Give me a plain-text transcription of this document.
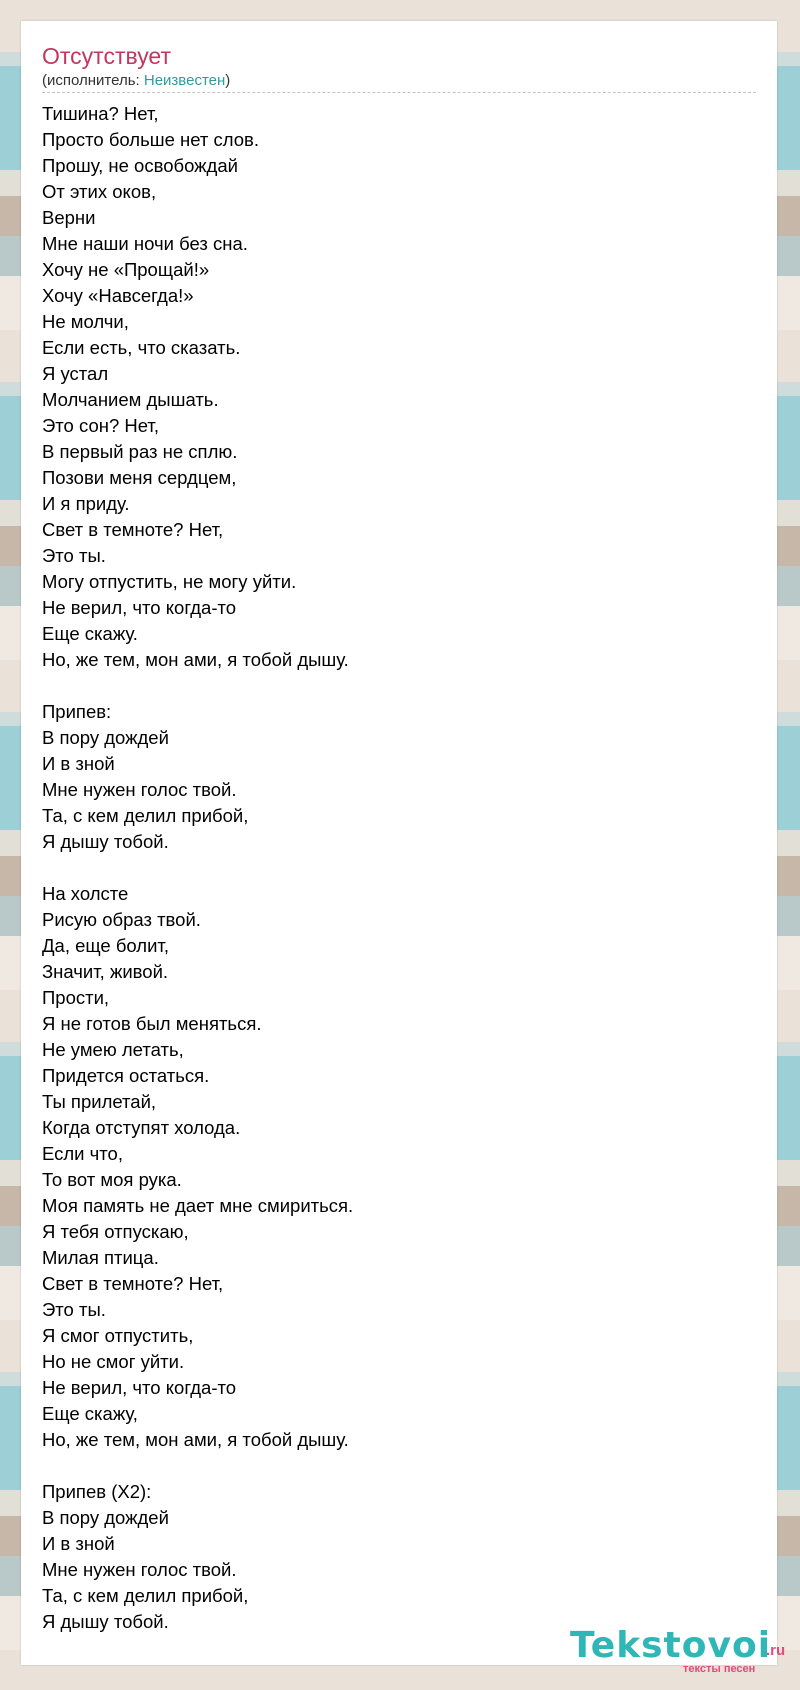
Отсутствует
(исполнитель: Неизвестен)
Тишина? Нет,
Просто больше нет слов.
Прошу, не освобождай
От этих оков,
Верни
Мне наши ночи без сна.
Хочу не «Прощай!»
Хочу «Навсегда!»
Не молчи,
Если есть, что сказать.
Я устал
Молчанием дышать.
Это сон? Нет,
В первый раз не сплю.
Позови меня сердцем,
И я приду.
Свет в темноте? Нет,
Это ты.
Могу отпустить, не могу уйти.
Не верил, что когда-то
Еще скажу.
Но, же тем, мон ами, я тобой дышу.
Припев:
В пору дождей
И в зной
Мне нужен голос твой.
Та, с кем делил прибой,
Я дышу тобой.
На холсте
Рисую образ твой.
Да, еще болит,
Значит, живой.
Прости,
Я не готов был меняться.
Не умею летать,
Придется остаться.
Ты прилетай,
Когда отступят холода.
Если что,
То вот моя рука.
Моя память не дает мне смириться.
Я тебя отпускаю,
Милая птица.
Свет в темноте? Нет,
Это ты.
Я смог отпустить,
Но не смог уйти.
Не верил, что когда-то
Еще скажу,
Но, же тем, мон ами, я тобой дышу.
Припев (Х2):
В пору дождей
И в зной
Мне нужен голос твой.
Та, с кем делил прибой,
Я дышу тобой.
Tekstovoi
.ru
тексты песен
